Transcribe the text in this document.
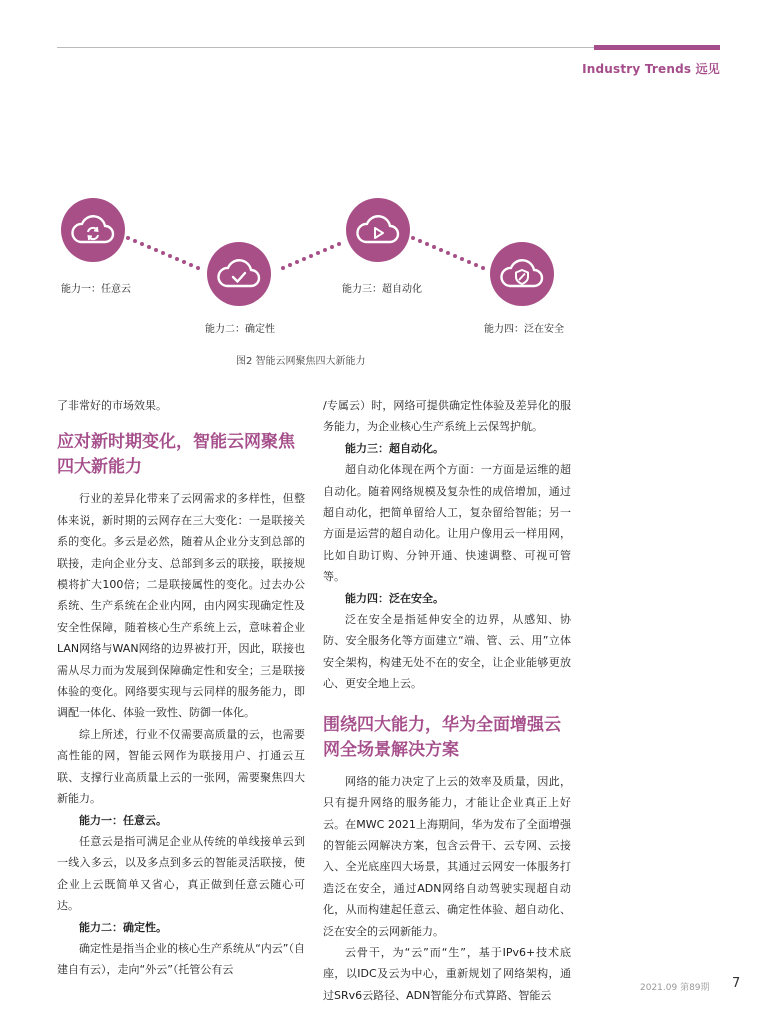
Industry Trends 远见
能力一：任意云
能力二：确定性
能力三：超自动化
能力四：泛在安全
图2 智能云网聚焦四大新能力

了非常好的市场效果。

应对新时期变化，智能云网聚焦四大新能力

行业的差异化带来了云网需求的多样性，但整体来说，新时期的云网存在三大变化：一是联接关系的变化。多云是必然，随着从企业分支到总部的联接，走向企业分支、总部到多云的联接，联接规模将扩大100倍；二是联接属性的变化。过去办公系统、生产系统在企业内网，由内网实现确定性及安全性保障，随着核心生产系统上云，意味着企业LAN网络与WAN网络的边界被打开，因此，联接也需从尽力而为发展到保障确定性和安全；三是联接体验的变化。网络要实现与云同样的服务能力，即调配一体化、体验一致性、防御一体化。

综上所述，行业不仅需要高质量的云，也需要高性能的网，智能云网作为联接用户、打通云互联、支撑行业高质量上云的一张网，需要聚焦四大新能力。

能力一：任意云。

任意云是指可满足企业从传统的单线接单云到一线入多云，以及多点到多云的智能灵活联接，使企业上云既简单又省心，真正做到任意云随心可达。

能力二：确定性。

确定性是指当企业的核心生产系统从“内云”（自建自有云），走向“外云”（托管公有云

/专属云）时，网络可提供确定性体验及差异化的服务能力，为企业核心生产系统上云保驾护航。

能力三：超自动化。

超自动化体现在两个方面：一方面是运维的超自动化。随着网络规模及复杂性的成倍增加，通过超自动化，把简单留给人工，复杂留给智能；另一方面是运营的超自动化。让用户像用云一样用网，比如自助订购、分钟开通、快速调整、可视可管等。

能力四：泛在安全。

泛在安全是指延伸安全的边界，从感知、协防、安全服务化等方面建立“端、管、云、用”立体安全架构，构建无处不在的安全，让企业能够更放心、更安全地上云。

围绕四大能力，华为全面增强云网全场景解决方案

网络的能力决定了上云的效率及质量，因此，只有提升网络的服务能力，才能让企业真正上好云。在MWC 2021上海期间，华为发布了全面增强的智能云网解决方案，包含云骨干、云专网、云接入、全光底座四大场景，其通过云网安一体服务打造泛在安全，通过ADN网络自动驾驶实现超自动化，从而构建起任意云、确定性体验、超自动化、泛在安全的云网新能力。

云骨干，为“云”而“生”，基于IPv6+技术底座，以IDC及云为中心，重新规划了网络架构，通过SRv6云路径、ADN智能分布式算路、智能云

2021.09 第89期 7
